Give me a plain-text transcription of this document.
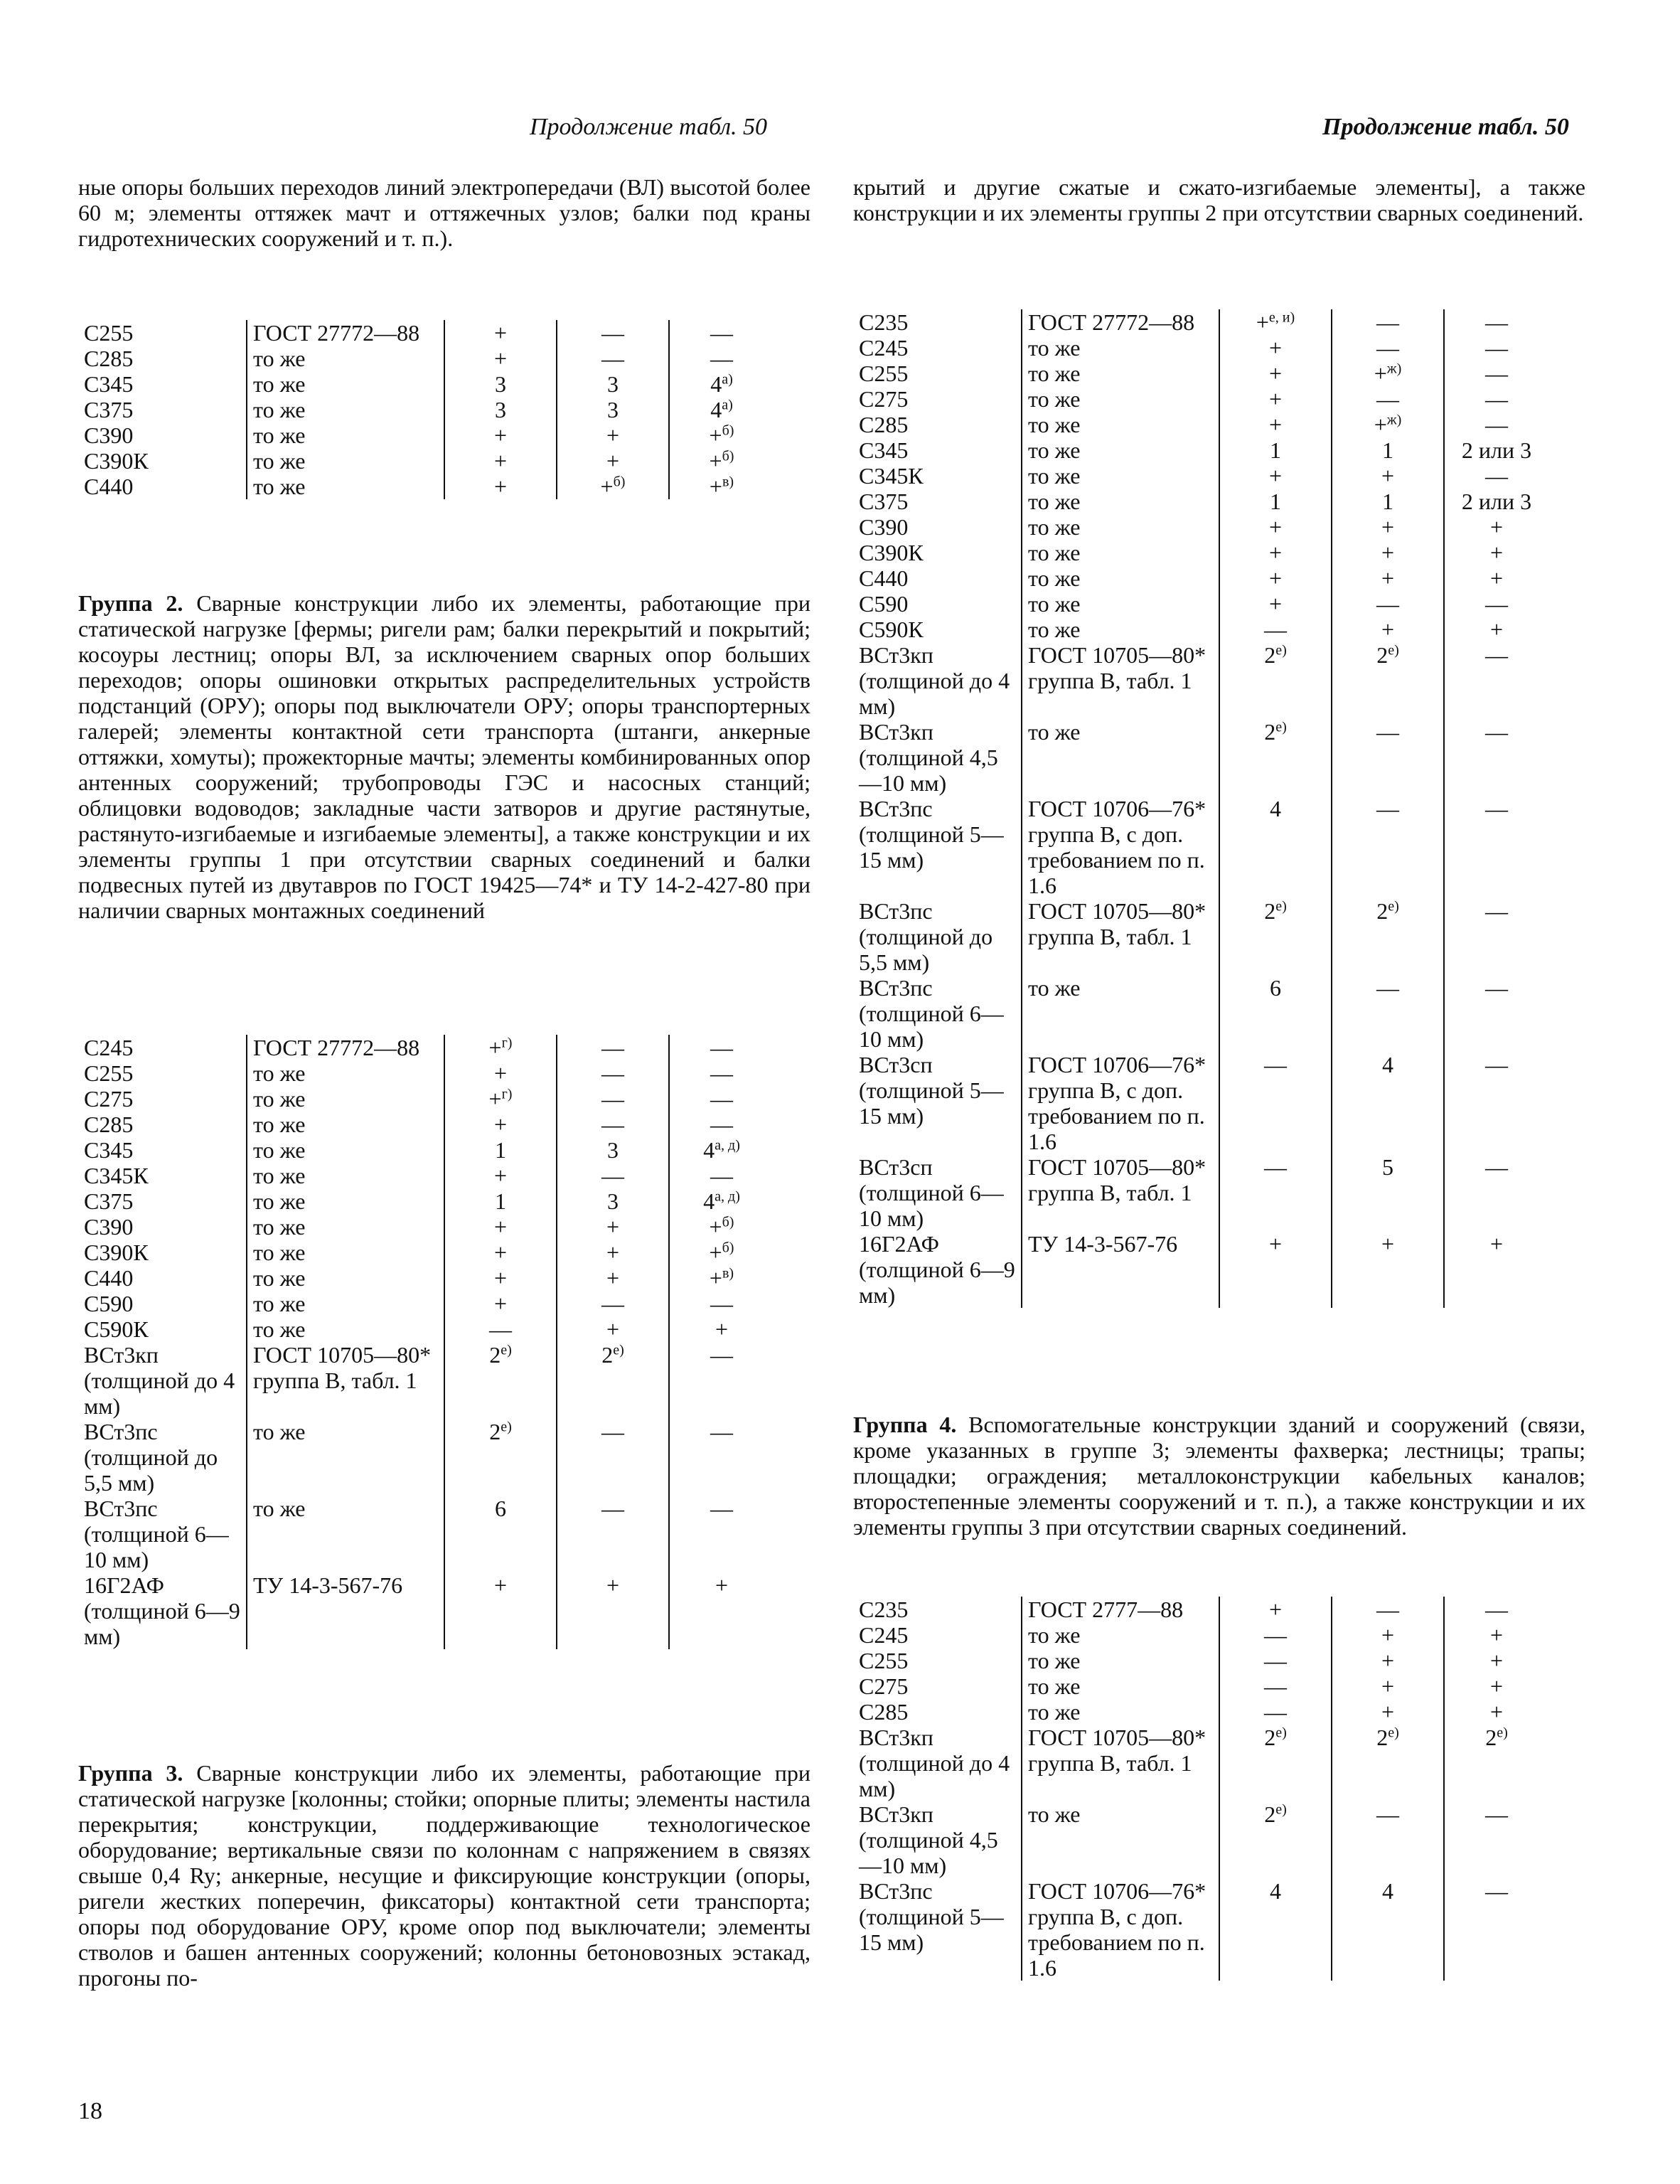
Продолжение табл. 50
ные опоры больших переходов линий электропередачи (ВЛ) высотой более 60 м; элементы оттяжек мачт и оттяжечных узлов; балки под краны гидротехнических сооружений и т. п.).
С255	ГОСТ 27772—88	+	—	—
С285	то же	+	—	—
С345	то же	3	3	$4^{а)}$
С375	то же	3	3	$4^{а)}$
С390	то же	+	+	+$^{б)}$
С390К	то же	+	+	+$^{б)}$
С440	то же	+	+$^{б)}$	+$^{в)}$
Группа 2. Сварные конструкции либо их элементы, работающие при статической нагрузке [фермы; ригели рам; балки перекрытий и покрытий; косоуры лестниц; опоры ВЛ, за исключением сварных опор больших переходов; опоры ошиновки открытых распределительных устройств подстанций (ОРУ); опоры под выключатели ОРУ; опоры транспортерных галерей; элементы контактной сети транспорта (штанги, анкерные оттяжки, хомуты); прожекторные мачты; элементы комбинированных опор антенных сооружений; трубопроводы ГЭС и насосных станций; облицовки водоводов; закладные части затворов и другие растянутые, растянуто-изгибаемые и изгибаемые элементы], а также конструкции и их элементы группы 1 при отсутствии сварных соединений и балки подвесных путей из двутавров по ГОСТ 19425—74* и ТУ 14-2-427-80 при наличии сварных монтажных соединений
С245	ГОСТ 27772—88	+$^{г)}$	—	—
С255	то же	+	—	—
С275	то же	+$^{г)}$	—	—
С285	то же	+	—	—
С345	то же	1	3	$4^{а, д)}$
С345К	то же	+	—	—
С375	то же	1	3	$4^{а, д)}$
С390	то же	+	+	+$^{б)}$
С390К	то же	+	+	+$^{б)}$
С440	то же	+	+	+$^{в)}$
С590	то же	+	—	—
С590К	то же	—	+	+
ВСт3кп (толщиной до 4 мм)	ГОСТ 10705—80* группа В, табл. 1	$2^{е)}$	$2^{е)}$	—
ВСт3пс (толщиной до 5,5 мм)	то же	$2^{е)}$	—	—
ВСт3пс (толщиной 6—10 мм)	то же	6	—	—
16Г2АФ (толщиной 6—9 мм)	ТУ 14-3-567-76	+	+	+
Группа 3. Сварные конструкции либо их элементы, работающие при статической нагрузке [колонны; стойки; опорные плиты; элементы настила перекрытия; конструкции, поддерживающие технологическое оборудование; вертикальные связи по колоннам с напряжением в связях свыше 0,4 Ry; анкерные, несущие и фиксирующие конструкции (опоры, ригели жестких поперечин, фиксаторы) контактной сети транспорта; опоры под оборудование ОРУ, кроме опор под выключатели; элементы стволов и башен антенных сооружений; колонны бетоновозных эстакад, прогоны по-
18
Продолжение табл. 50
крытий и другие сжатые и сжато-изгибаемые элементы], а также конструкции и их элементы группы 2 при отсутствии сварных соединений.
С235	ГОСТ 27772—88	+$^{е, и)}$	—	—
С245	то же	+	—	—
С255	то же	+	+$^{ж)}$	—
С275	то же	+	—	—
С285	то же	+	+$^{ж)}$	—
С345	то же	1	1	2 или 3
С345К	то же	+	+	—
С375	то же	1	1	2 или 3
С390	то же	+	+	+
С390К	то же	+	+	+
С440	то же	+	+	+
С590	то же	+	—	—
С590К	то же	—	+	+
ВСт3кп (толщиной до 4 мм)	ГОСТ 10705—80* группа В, табл. 1	$2^{е)}$	$2^{е)}$	—
ВСт3кп (толщиной 4,5—10 мм)	то же	$2^{е)}$	—	—
ВСт3пс (толщиной 5—15 мм)	ГОСТ 10706—76* группа В, с доп. требованием по п. 1.6	4	—	—
ВСт3пс (толщиной до 5,5 мм)	ГОСТ 10705—80* группа В, табл. 1	$2^{е)}$	$2^{е)}$	—
ВСт3пс (толщиной 6—10 мм)	то же	6	—	—
ВСт3сп (толщиной 5—15 мм)	ГОСТ 10706—76* группа В, с доп. требованием по п. 1.6	—	4	—
ВСт3сп (толщиной 6—10 мм)	ГОСТ 10705—80* группа В, табл. 1	—	5	—
16Г2АФ (толщиной 6—9 мм)	ТУ 14-3-567-76	+	+	+
Группа 4. Вспомогательные конструкции зданий и сооружений (связи, кроме указанных в группе 3; элементы фахверка; лестницы; трапы; площадки; ограждения; металлоконструкции кабельных каналов; второстепенные элементы сооружений и т. п.), а также конструкции и их элементы группы 3 при отсутствии сварных соединений.
С235	ГОСТ 2777—88	+	—	—
С245	то же	—	+	+
С255	то же	—	+	+
С275	то же	—	+	+
С285	то же	—	+	+
ВСт3кп (толщиной до 4 мм)	ГОСТ 10705—80* группа В, табл. 1	$2^{е)}$	$2^{е)}$	$2^{е)}$
ВСт3кп (толщиной 4,5—10 мм)	то же	$2^{е)}$	—	—
ВСт3пс (толщиной 5—15 мм)	ГОСТ 10706—76* группа В, с доп. требованием по п. 1.6	4	4	—
